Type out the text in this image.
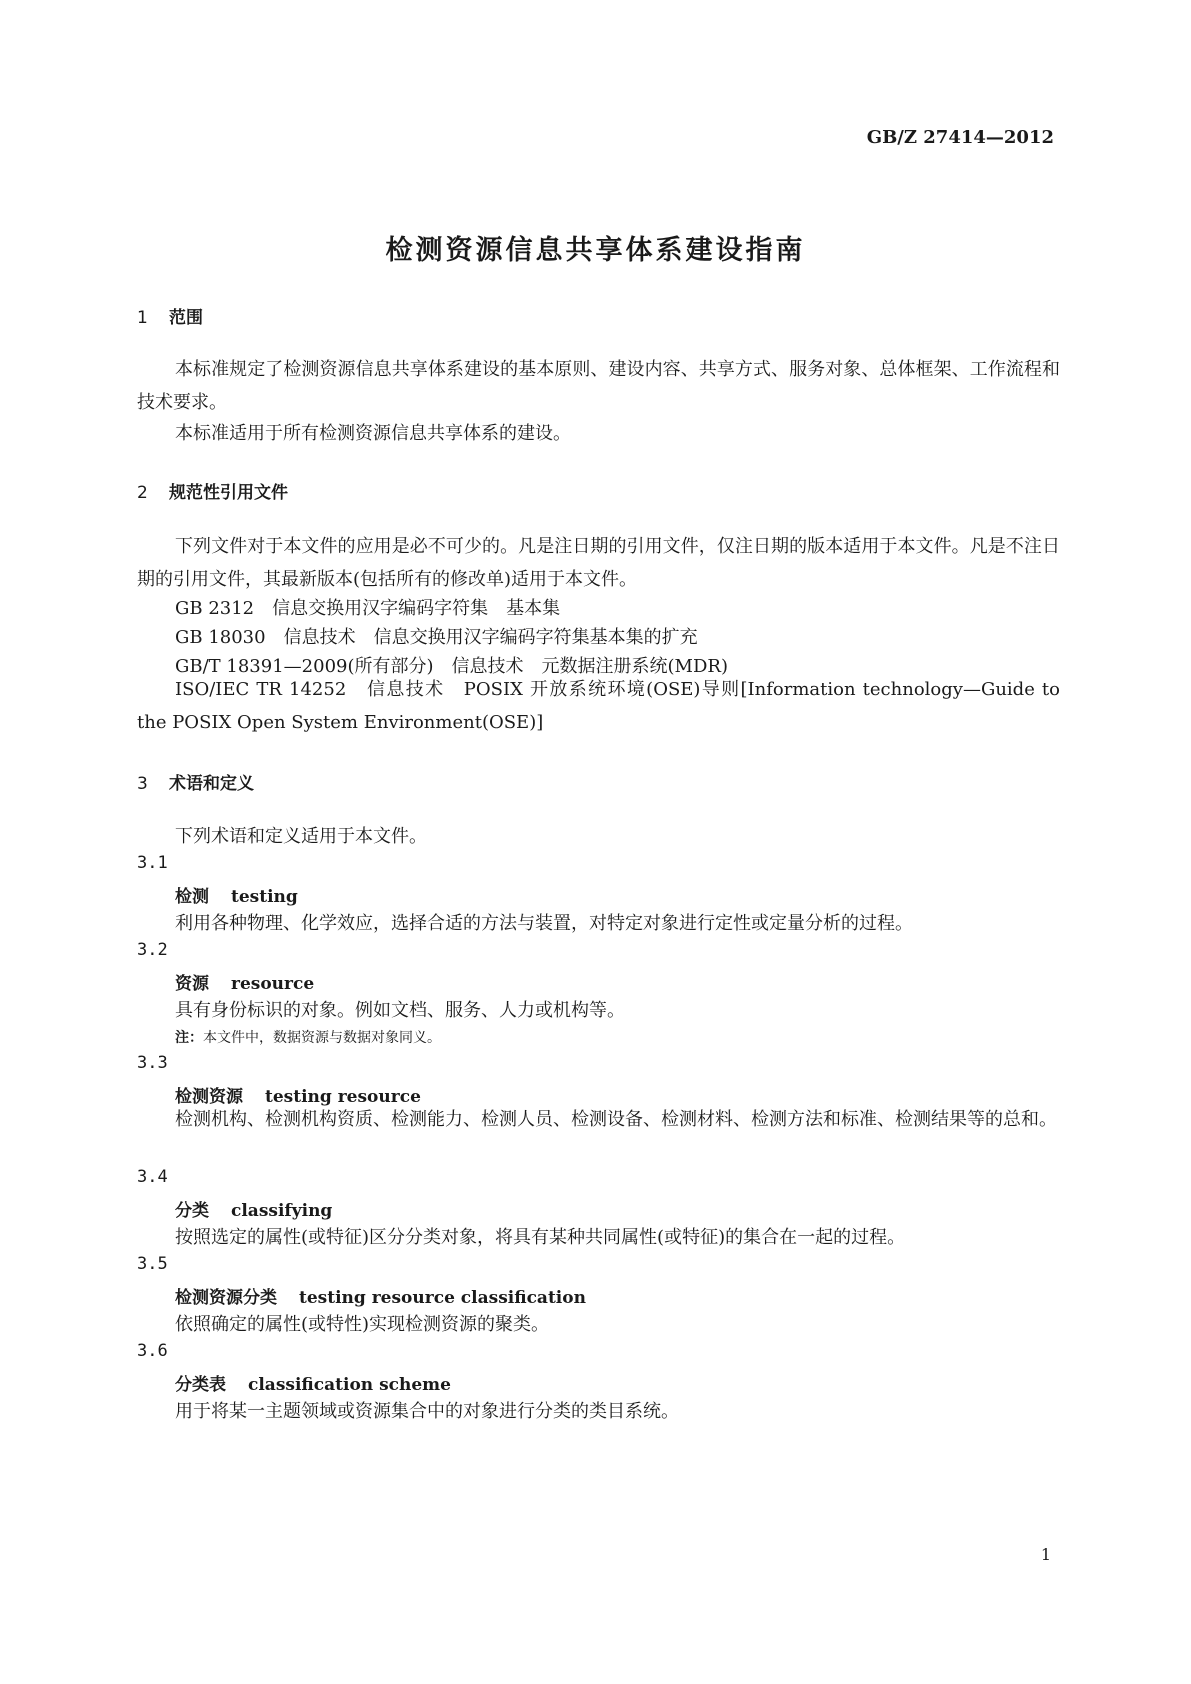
GB/Z 27414—2012
检测资源信息共享体系建设指南
1 范围
本标准规定了检测资源信息共享体系建设的基本原则、建设内容、共享方式、服务对象、总体框架、工作流程和技术要求。
本标准适用于所有检测资源信息共享体系的建设。
2 规范性引用文件
下列文件对于本文件的应用是必不可少的。凡是注日期的引用文件，仅注日期的版本适用于本文件。凡是不注日期的引用文件，其最新版本(包括所有的修改单)适用于本文件。
GB 2312　信息交换用汉字编码字符集　基本集
GB 18030　信息技术　信息交换用汉字编码字符集基本集的扩充
GB/T 18391—2009(所有部分)　信息技术　元数据注册系统(MDR)
ISO/IEC TR 14252　信息技术　POSIX 开放系统环境(OSE)导则[Information technology—Guide to the POSIX Open System Environment(OSE)]
3 术语和定义
下列术语和定义适用于本文件。
3.1
检测 testing
利用各种物理、化学效应，选择合适的方法与装置，对特定对象进行定性或定量分析的过程。
3.2
资源 resource
具有身份标识的对象。例如文档、服务、人力或机构等。
注：本文件中，数据资源与数据对象同义。
3.3
检测资源 testing resource
检测机构、检测机构资质、检测能力、检测人员、检测设备、检测材料、检测方法和标准、检测结果等的总和。
3.4
分类 classifying
按照选定的属性(或特征)区分分类对象，将具有某种共同属性(或特征)的集合在一起的过程。
3.5
检测资源分类 testing resource classification
依照确定的属性(或特性)实现检测资源的聚类。
3.6
分类表 classification scheme
用于将某一主题领域或资源集合中的对象进行分类的类目系统。
1
